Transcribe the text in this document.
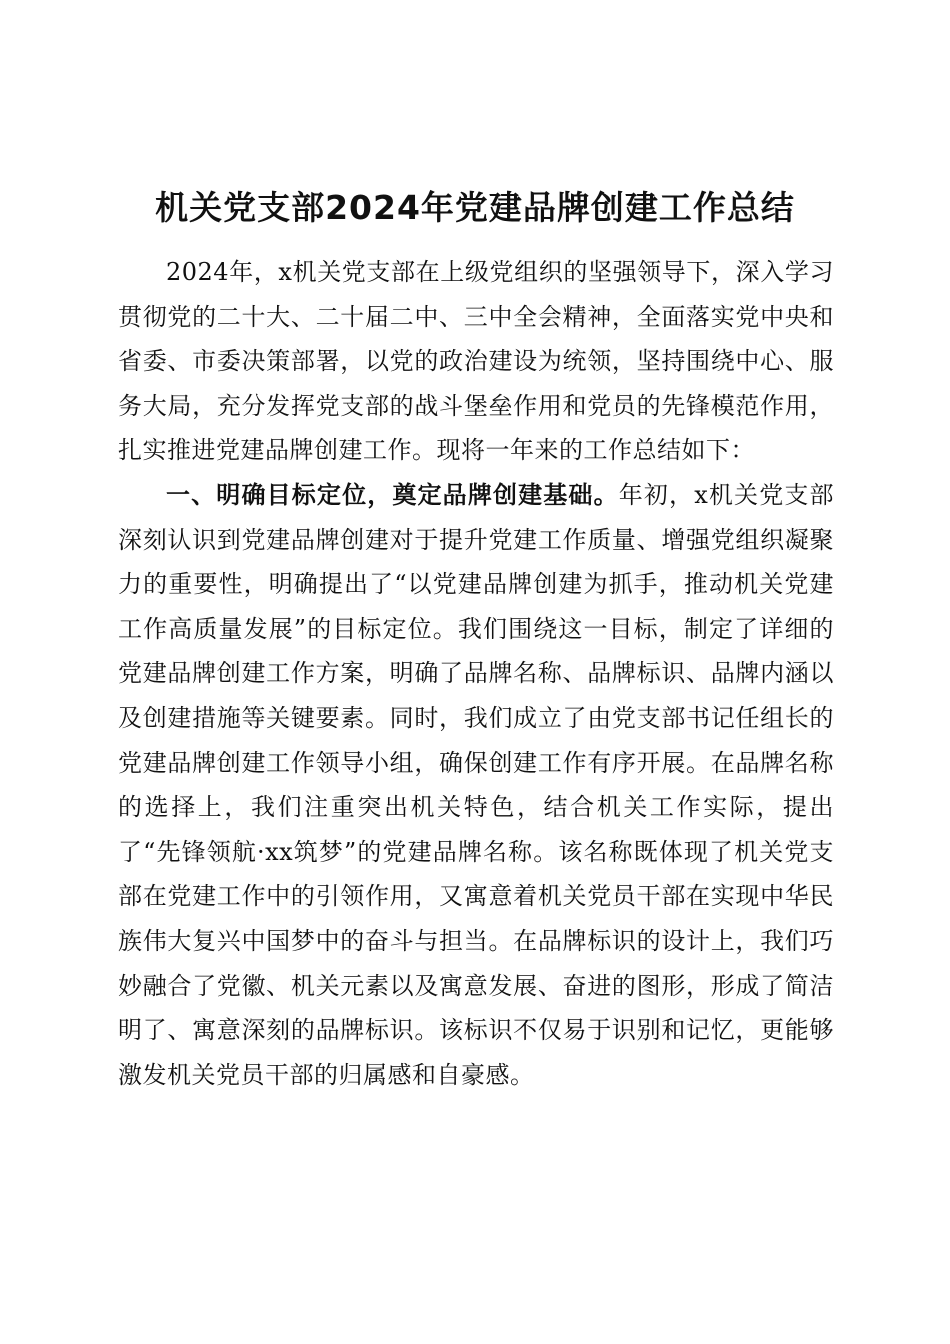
机关党支部2024年党建品牌创建工作总结

2024年，x机关党支部在上级党组织的坚强领导下，深入学习贯彻党的二十大、二十届二中、三中全会精神，全面落实党中央和省委、市委决策部署，以党的政治建设为统领，坚持围绕中心、服务大局，充分发挥党支部的战斗堡垒作用和党员的先锋模范作用，扎实推进党建品牌创建工作。现将一年来的工作总结如下：

一、明确目标定位，奠定品牌创建基础。年初，x机关党支部深刻认识到党建品牌创建对于提升党建工作质量、增强党组织凝聚力的重要性，明确提出了“以党建品牌创建为抓手，推动机关党建工作高质量发展”的目标定位。我们围绕这一目标，制定了详细的党建品牌创建工作方案，明确了品牌名称、品牌标识、品牌内涵以及创建措施等关键要素。同时，我们成立了由党支部书记任组长的党建品牌创建工作领导小组，确保创建工作有序开展。在品牌名称的选择上，我们注重突出机关特色，结合机关工作实际，提出了“先锋领航·xx筑梦”的党建品牌名称。该名称既体现了机关党支部在党建工作中的引领作用，又寓意着机关党员干部在实现中华民族伟大复兴中国梦中的奋斗与担当。在品牌标识的设计上，我们巧妙融合了党徽、机关元素以及寓意发展、奋进的图形，形成了简洁明了、寓意深刻的品牌标识。该标识不仅易于识别和记忆，更能够激发机关党员干部的归属感和自豪感。
